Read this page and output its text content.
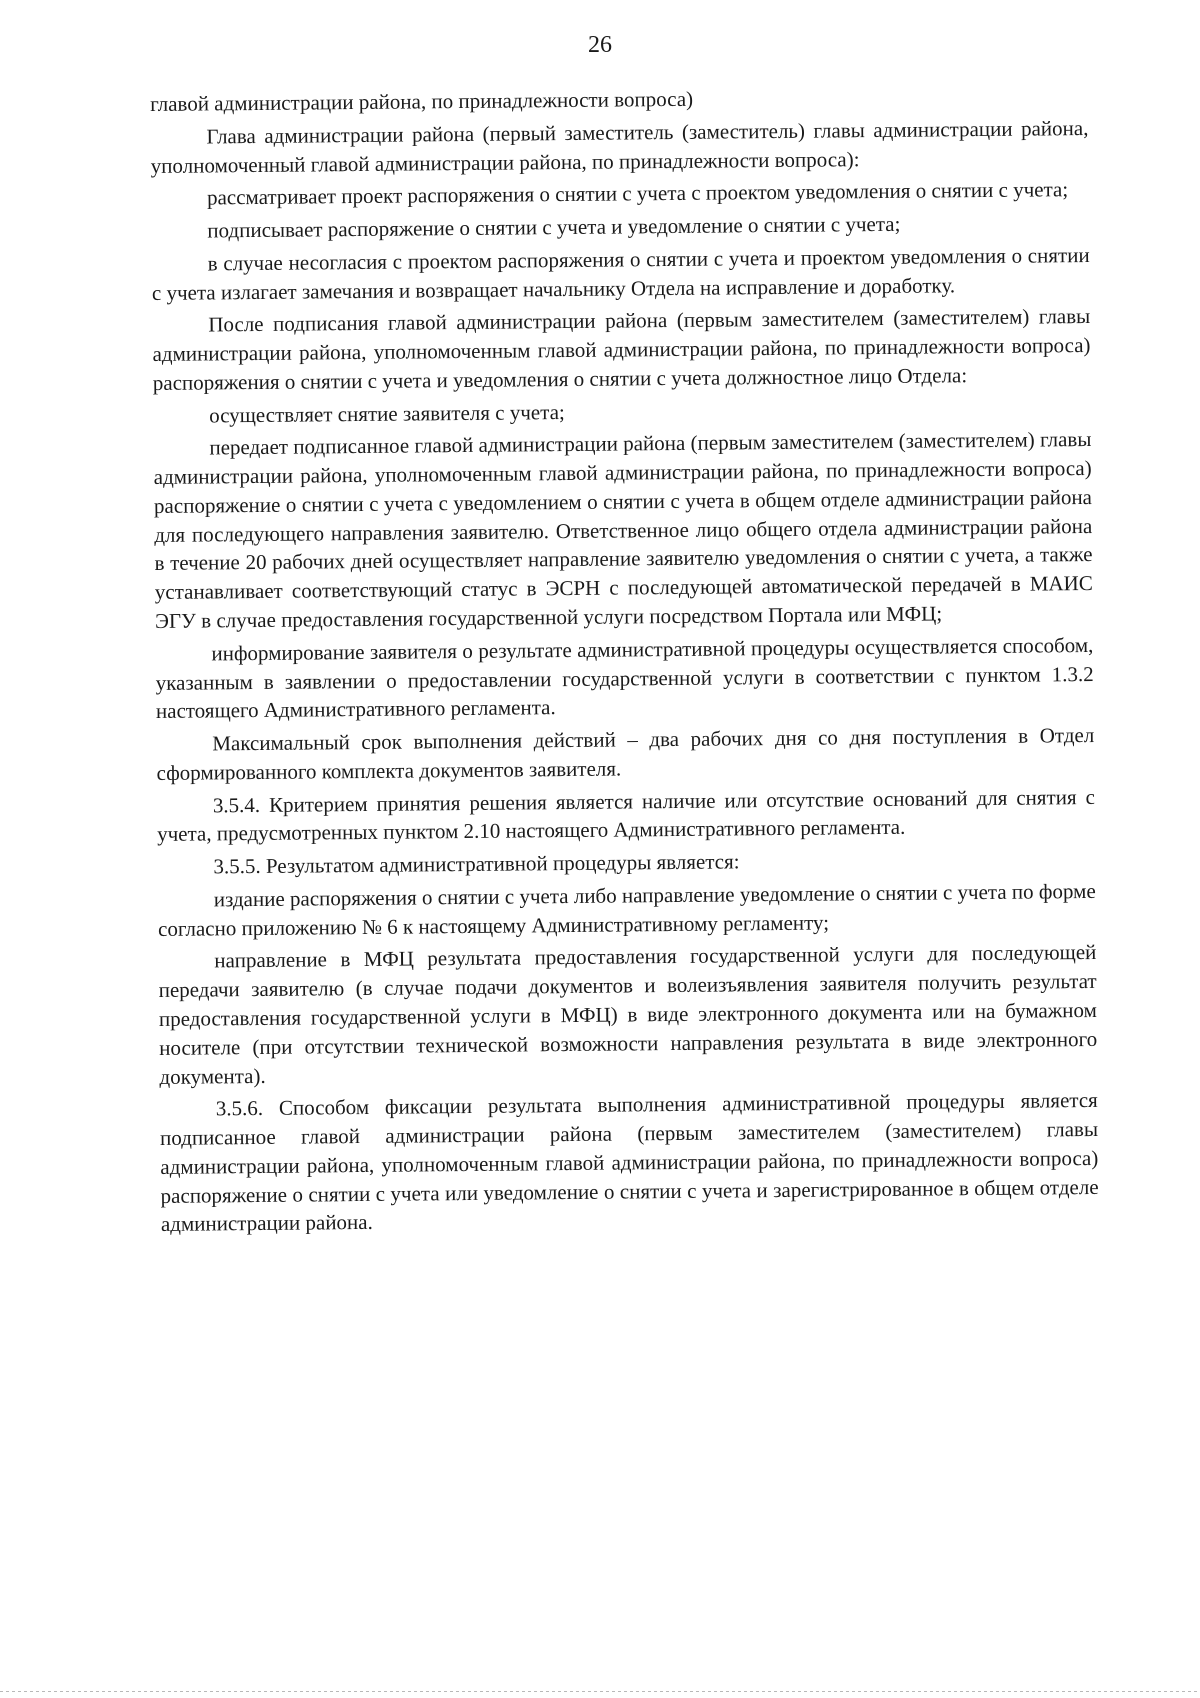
26

главой администрации района, по принадлежности вопроса)

Глава администрации района (первый заместитель (заместитель) главы администрации района, уполномоченный главой администрации района, по принадлежности вопроса):

рассматривает проект распоряжения о снятии с учета с проектом уведомления о снятии с учета;

подписывает распоряжение о снятии с учета и уведомление о снятии с учета;

в случае несогласия с проектом распоряжения о снятии с учета и проектом уведомления о снятии с учета излагает замечания и возвращает начальнику Отдела на исправление и доработку.

После подписания главой администрации района (первым заместителем (заместителем) главы администрации района, уполномоченным главой администрации района, по принадлежности вопроса) распоряжения о снятии с учета и уведомления о снятии с учета должностное лицо Отдела:

осуществляет снятие заявителя с учета;

передает подписанное главой администрации района (первым заместителем (заместителем) главы администрации района, уполномоченным главой администрации района, по принадлежности вопроса) распоряжение о снятии с учета с уведомлением о снятии с учета в общем отделе администрации района для последующего направления заявителю. Ответственное лицо общего отдела администрации района в течение 20 рабочих дней осуществляет направление заявителю уведомления о снятии с учета, а также устанавливает соответствующий статус в ЭСРН с последующей автоматической передачей в МАИС ЭГУ в случае предоставления государственной услуги посредством Портала или МФЦ;

информирование заявителя о результате административной процедуры осуществляется способом, указанным в заявлении о предоставлении государственной услуги в соответствии с пунктом 1.3.2 настоящего Административного регламента.

Максимальный срок выполнения действий – два рабочих дня со дня поступления в Отдел сформированного комплекта документов заявителя.

3.5.4. Критерием принятия решения является наличие или отсутствие оснований для снятия с учета, предусмотренных пунктом 2.10 настоящего Административного регламента.

3.5.5. Результатом административной процедуры является:

издание распоряжения о снятии с учета либо направление уведомление о снятии с учета по форме согласно приложению № 6 к настоящему Административному регламенту;

направление в МФЦ результата предоставления государственной услуги для последующей передачи заявителю (в случае подачи документов и волеизъявления заявителя получить результат предоставления государственной услуги в МФЦ) в виде электронного документа или на бумажном носителе (при отсутствии технической возможности направления результата в виде электронного документа).

3.5.6. Способом фиксации результата выполнения административной процедуры является подписанное главой администрации района (первым заместителем (заместителем) главы администрации района, уполномоченным главой администрации района, по принадлежности вопроса) распоряжение о снятии с учета или уведомление о снятии с учета и зарегистрированное в общем отделе администрации района.
